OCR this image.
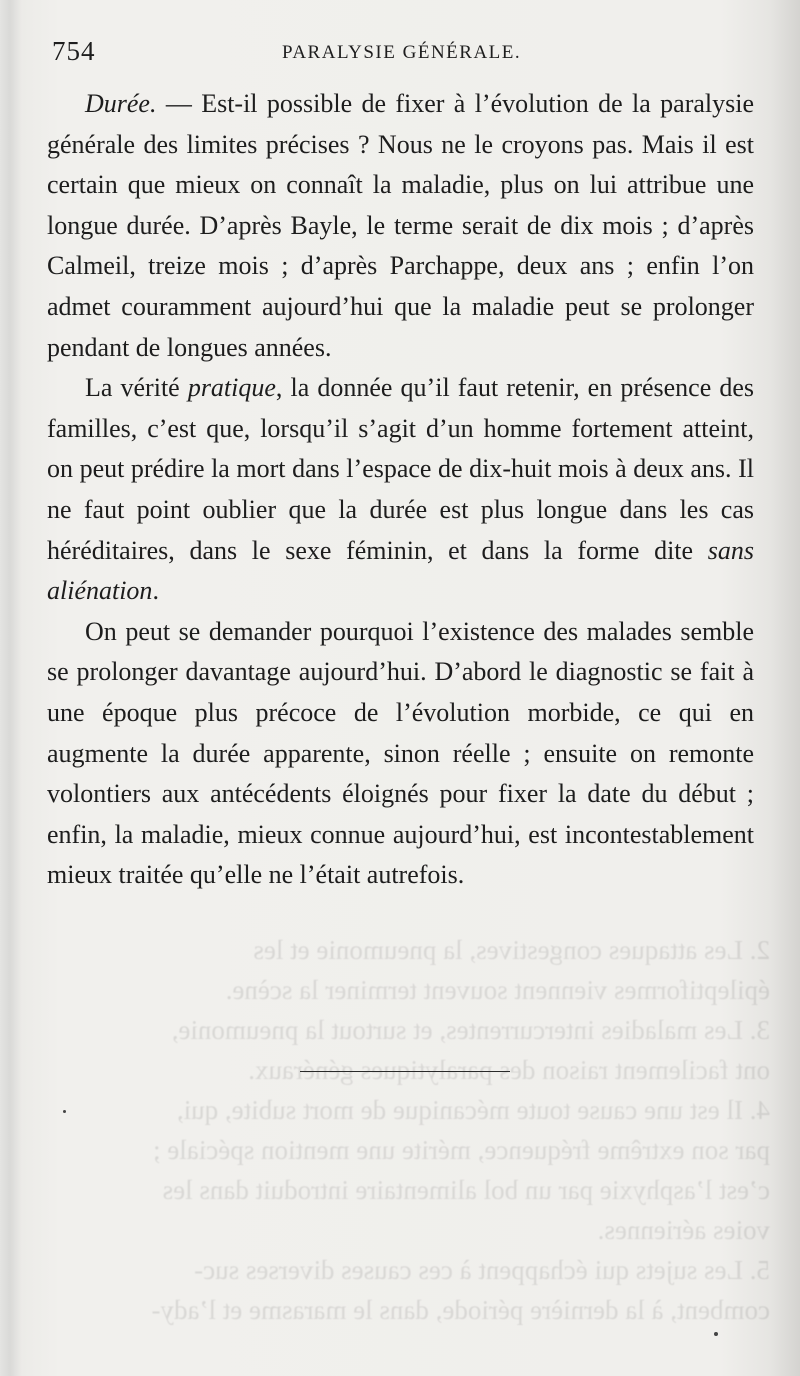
2. Les attaques congestives, la pneumonie et les
épileptiformes viennent souvent terminer la scène.
3. Les maladies intercurrentes, et surtout la pneumonie,
ont facilement raison des paralytiques généraux.
4. Il est une cause toute mécanique de mort subite, qui,
par son extrême fréquence, mérite une mention spéciale ;
c’est l’asphyxie par un bol alimentaire introduit dans les
voies aériennes.
5. Les sujets qui échappent à ces causes diverses suc-
combent, à la dernière période, dans le marasme et l’ady-
754	PARALYSIE GÉNÉRALE.

Durée. — Est-il possible de fixer à l’évolution de la paralysie générale des limites précises ? Nous ne le croyons pas. Mais il est certain que mieux on connaît la maladie, plus on lui attribue une longue durée. D’après Bayle, le terme serait de dix mois ; d’après Calmeil, treize mois ; d’après Parchappe, deux ans ; enfin l’on admet couramment aujourd’hui que la maladie peut se prolonger pendant de longues années.

La vérité pratique, la donnée qu’il faut retenir, en présence des familles, c’est que, lorsqu’il s’agit d’un homme fortement atteint, on peut prédire la mort dans l’espace de dix-huit mois à deux ans. Il ne faut point oublier que la durée est plus longue dans les cas héréditaires, dans le sexe féminin, et dans la forme dite sans aliénation.

On peut se demander pourquoi l’existence des malades semble se prolonger davantage aujourd’hui. D’abord le diagnostic se fait à une époque plus précoce de l’évolution morbide, ce qui en augmente la durée apparente, sinon réelle ; ensuite on remonte volontiers aux antécédents éloignés pour fixer la date du début ; enfin, la maladie, mieux connue aujourd’hui, est incontestablement mieux traitée qu’elle ne l’était autrefois.
